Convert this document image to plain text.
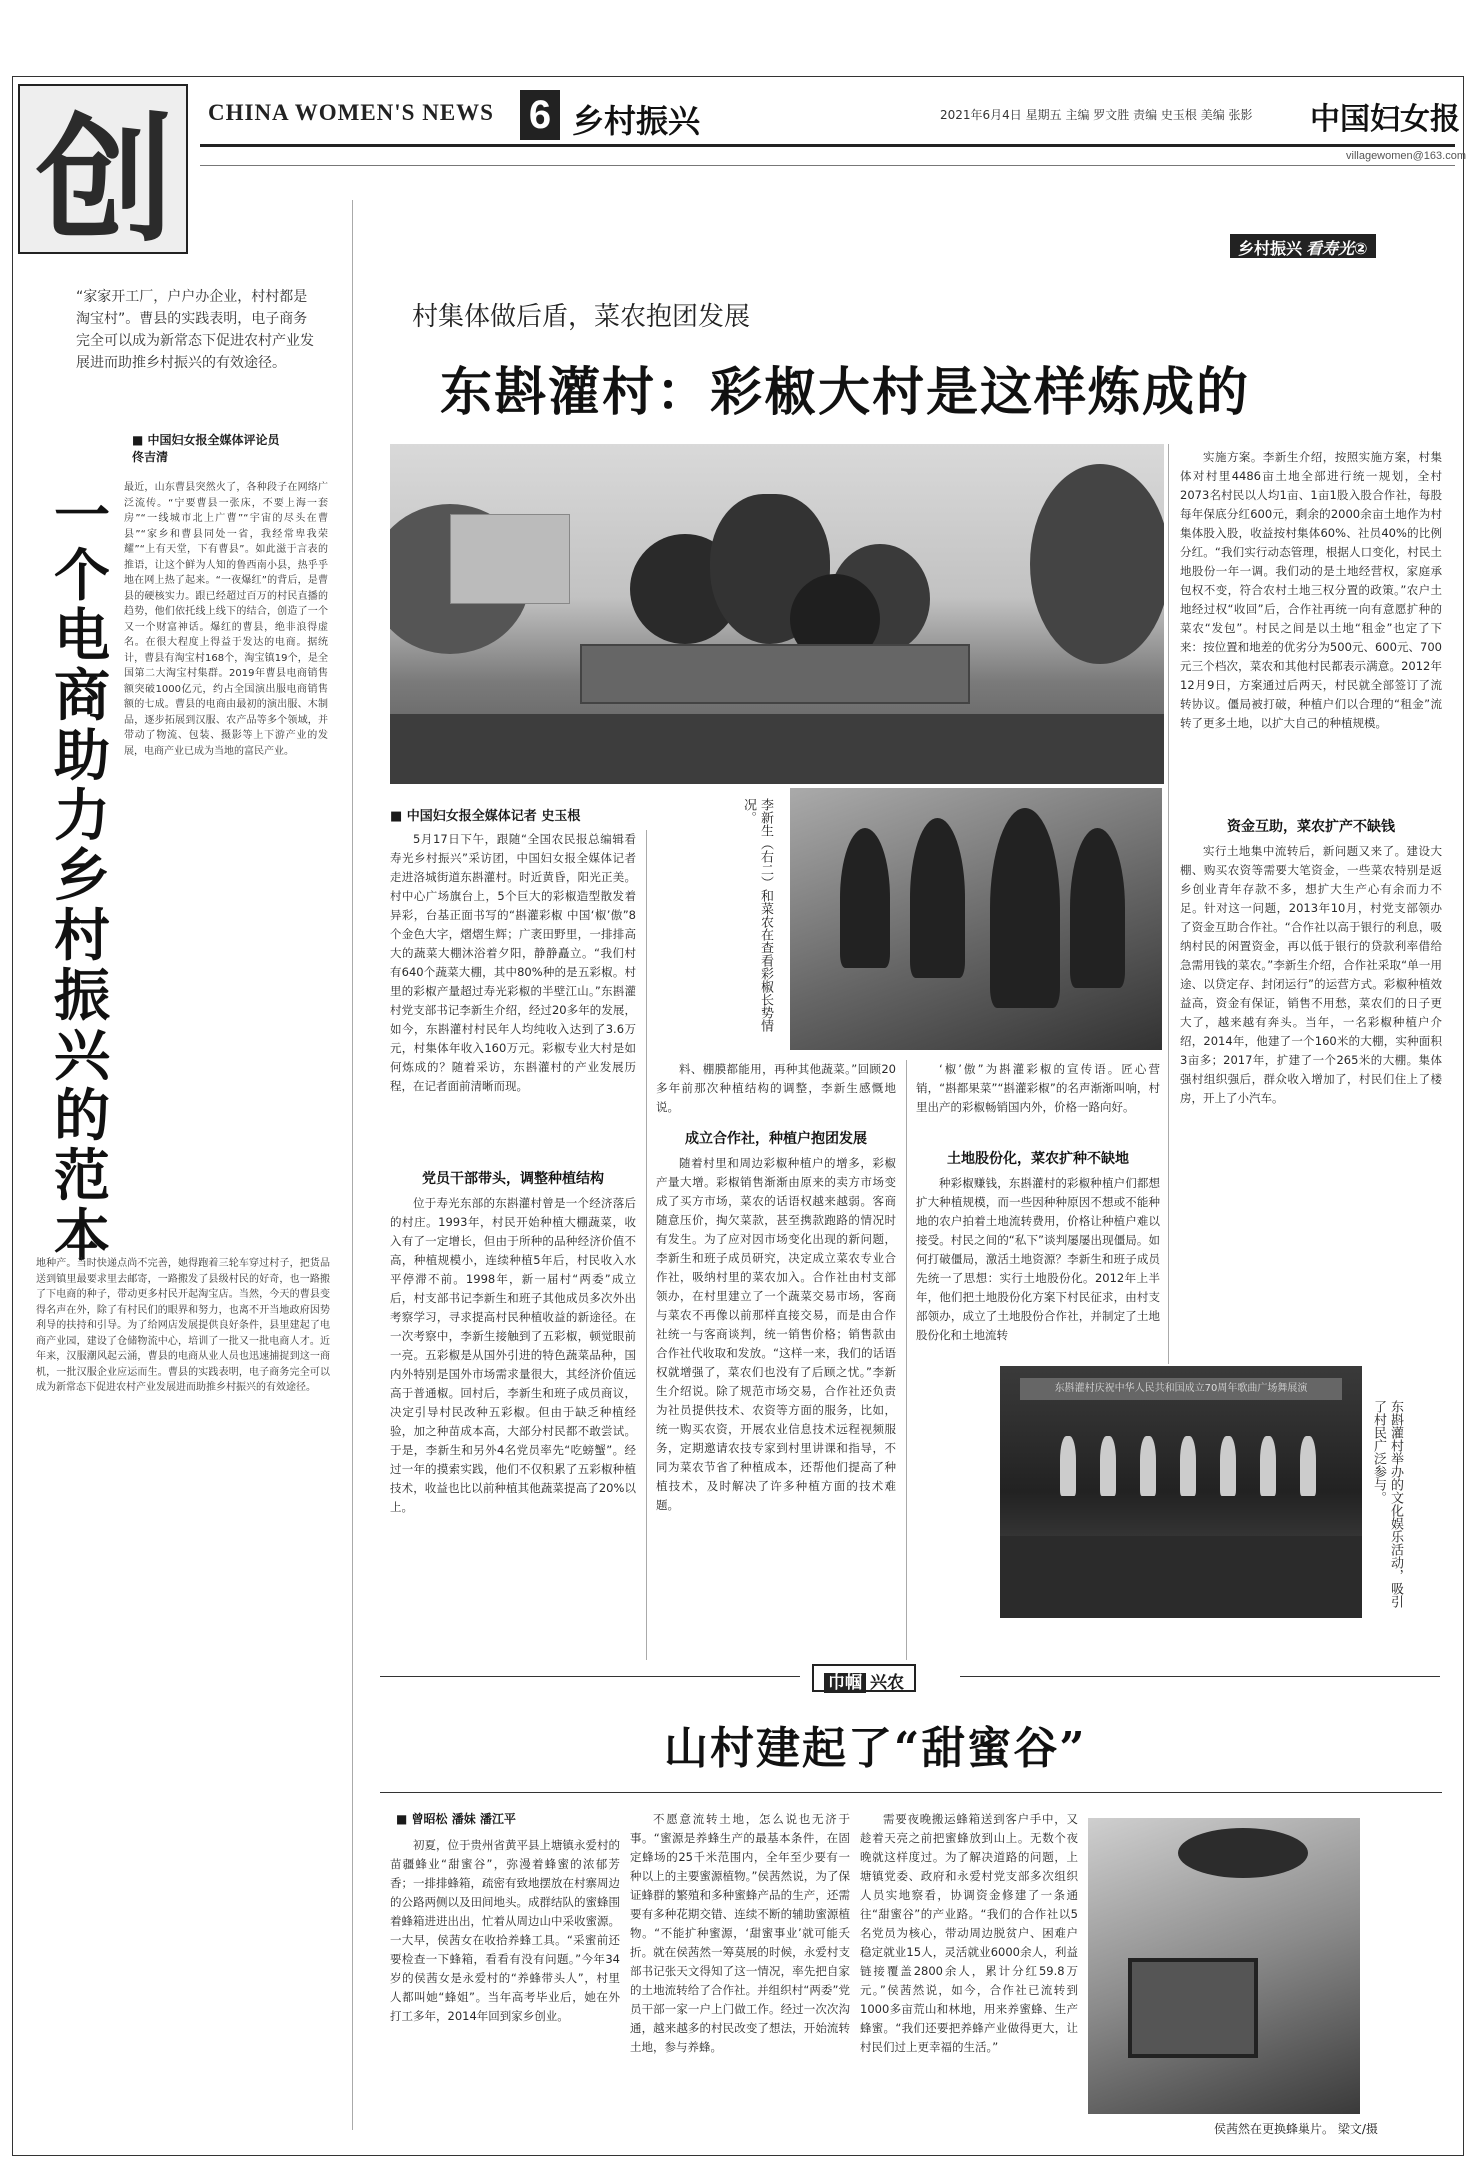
创	CHINA WOMEN'S NEWS 6 乡村振兴	2021年6月4日 星期五 主编 罗文胜 责编 史玉根 美编 张影 中国妇女报
villagewomen@163.com
“家家开工厂，户户办企业，村村都是淘宝村”。曹县的实践表明，电子商务完全可以成为新常态下促进农村产业发展进而助推乡村振兴的有效途径。
■ 中国妇女报全媒体评论员
佟吉清
一个电商助力乡村振兴的范本
最近，山东曹县突然火了，各种段子在网络广泛流传。“宁要曹县一张床，不要上海一套房”“一线城市北上广曹”“宇宙的尽头在曹县”“家乡和曹县同处一省，我经常卑我荣耀”“上有天堂，下有曹县”。如此滋于言表的推语，让这个鲜为人知的鲁西南小县，热乎乎地在网上热了起来。“一夜爆红”的背后，是曹县的硬核实力。跟已经超过百万的村民直播的趋势，他们依托线上线下的结合，创造了一个又一个财富神话。爆红的曹县，绝非浪得虚名。在很大程度上得益于发达的电商。据统计，曹县有淘宝村168个，淘宝镇19个，是全国第二大淘宝村集群。2019年曹县电商销售额突破1000亿元，约占全国演出服电商销售额的七成。曹县的电商由最初的演出服、木制品，逐步拓展到汉服、农产品等多个领域，并带动了物流、包装、摄影等上下游产业的发展，电商产业已成为当地的富民产业。
地种产。当时快递点尚不完善，她得跑着三轮车穿过村子，把货品送到镇里最要求里去邮寄，一路搬发了县级村民的好奇，也一路搬了下电商的种子，带动更多村民开起淘宝店。当然，今天的曹县变得名声在外，除了有村民们的眼界和努力，也离不开当地政府因势利导的扶持和引导。为了给网店发展提供良好条件，县里建起了电商产业园，建设了仓储物流中心，培训了一批又一批电商人才。近年来，汉服潮风起云涌，曹县的电商从业人员也迅速捕捉到这一商机，一批汉服企业应运而生。曹县的实践表明，电子商务完全可以成为新常态下促进农村产业发展进而助推乡村振兴的有效途径。
乡村振兴 看寿光②
村集体做后盾，菜农抱团发展
东斟灌村：彩椒大村是这样炼成的
■ 中国妇女报全媒体记者 史玉根

5月17日下午，跟随“全国农民报总编辑看寿光乡村振兴”采访团，中国妇女报全媒体记者走进洛城街道东斟灌村。时近黄昏，阳光正美。村中心广场旗台上，5个巨大的彩椒造型散发着异彩，台基正面书写的“斟灌彩椒 中国‘椒’傲”8个金色大字，熠熠生辉；广袤田野里，一排排高大的蔬菜大棚沐浴着夕阳，静静矗立。“我们村有640个蔬菜大棚，其中80%种的是五彩椒。村里的彩椒产量超过寿光彩椒的半壁江山。”东斟灌村党支部书记李新生介绍，经过20多年的发展，如今，东斟灌村村民年人均纯收入达到了3.6万元，村集体年收入160万元。彩椒专业大村是如何炼成的？随着采访，东斟灌村的产业发展历程，在记者面前清晰而现。

党员干部带头，调整种植结构

位于寿光东部的东斟灌村曾是一个经济落后的村庄。1993年，村民开始种植大棚蔬菜，收入有了一定增长，但由于所种的品种经济价值不高，种植规模小，连续种植5年后，村民收入水平停滞不前。1998年，新一届村“两委”成立后，村支部书记李新生和班子其他成员多次外出考察学习，寻求提高村民种植收益的新途径。在一次考察中，李新生接触到了五彩椒，顿觉眼前一亮。五彩椒是从国外引进的特色蔬菜品种，国内外特别是国外市场需求量很大，其经济价值远高于普通椒。回村后，李新生和班子成员商议，决定引导村民改种五彩椒。但由于缺乏种植经验，加之种苗成本高，大部分村民都不敢尝试。于是，李新生和另外4名党员率先“吃螃蟹”。经过一年的摸索实践，他们不仅积累了五彩椒种植技术，收益也比以前种植其他蔬菜提高了20%以上。

李新生（右二）和菜农在查看彩椒长势情况。

料、棚膜都能用，再种其他蔬菜。”回顾20多年前那次种植结构的调整，李新生感慨地说。

成立合作社，种植户抱团发展

随着村里和周边彩椒种植户的增多，彩椒产量大增。彩椒销售渐渐由原来的卖方市场变成了买方市场，菜农的话语权越来越弱。客商随意压价，掏欠菜款，甚至携款跑路的情况时有发生。为了应对因市场变化出现的新问题，李新生和班子成员研究，决定成立菜农专业合作社，吸纳村里的菜农加入。合作社由村支部领办，在村里建立了一个蔬菜交易市场，客商与菜农不再像以前那样直接交易，而是由合作社统一与客商谈判，统一销售价格；销售款由合作社代收取和发放。“这样一来，我们的话语权就增强了，菜农们也没有了后顾之忧。”李新生介绍说。除了规范市场交易，合作社还负责为社员提供技术、农资等方面的服务，比如，统一购买农资，开展农业信息技术远程视频服务，定期邀请农技专家到村里讲课和指导，不同为菜农节省了种植成本，还帮他们提高了种植技术，及时解决了许多种植方面的技术难题。

‘椒’傲”为斟灌彩椒的宣传语。匠心营销，“斟都果菜”“斟灌彩椒”的名声渐渐叫响，村里出产的彩椒畅销国内外，价格一路向好。

土地股份化，菜农扩种不缺地

种彩椒赚钱，东斟灌村的彩椒种植户们都想扩大种植规模，而一些因种种原因不想或不能种地的农户拍着土地流转费用，价格让种植户难以接受。村民之间的“私下”谈判屡屡出现僵局。如何打破僵局，激活土地资源？李新生和班子成员先统一了思想：实行土地股份化。2012年上半年，他们把土地股份化方案下村民征求，由村支部领办，成立了土地股份合作社，并制定了土地股份化和土地流转

东斟灌村庆祝中华人民共和国成立70周年歌曲广场舞展演
东斟灌村举办的文化娱乐活动，吸引了村民广泛参与。

实施方案。李新生介绍，按照实施方案，村集体对村里4486亩土地全部进行统一规划，全村2073名村民以人均1亩、1亩1股入股合作社，每股每年保底分红600元，剩余的2000余亩土地作为村集体股入股，收益按村集体60%、社员40%的比例分红。“我们实行动态管理，根据人口变化，村民土地股份一年一调。我们动的是土地经营权，家庭承包权不变，符合农村土地三权分置的政策。”农户土地经过权“收回”后，合作社再统一向有意愿扩种的菜农“发包”。村民之间是以土地“租金”也定了下来：按位置和地差的优劣分为500元、600元、700元三个档次，菜农和其他村民都表示满意。2012年12月9日，方案通过后两天，村民就全部签订了流转协议。僵局被打破，种植户们以合理的“租金”流转了更多土地，以扩大自己的种植规模。

资金互助，菜农扩产不缺钱

实行土地集中流转后，新问题又来了。建设大棚、购买农资等需要大笔资金，一些菜农特别是返乡创业青年存款不多，想扩大生产心有余而力不足。针对这一问题，2013年10月，村党支部领办了资金互助合作社。“合作社以高于银行的利息，吸纳村民的闲置资金，再以低于银行的贷款利率借给急需用钱的菜农。”李新生介绍，合作社采取“单一用途、以贷定存、封闭运行”的运营方式。彩椒种植效益高，资金有保证，销售不用愁，菜农们的日子更大了，越来越有奔头。当年，一名彩椒种植户介绍，2014年，他建了一个160米的大棚，实种面积3亩多；2017年，扩建了一个265米的大棚。集体强村组织强后，群众收入增加了，村民们住上了楼房，开上了小汽车。

巾帼 兴农
山村建起了“甜蜜谷”
■ 曾昭松 潘妹 潘江平

初夏，位于贵州省黄平县上塘镇永爱村的苗疆蜂业“甜蜜谷”，弥漫着蜂蜜的浓郁芳香；一排排蜂箱，疏密有致地摆放在村寨周边的公路两侧以及田间地头。成群结队的蜜蜂围着蜂箱进进出出，忙着从周边山中采收蜜源。一大早，侯茜女在收拾养蜂工具。“采蜜前还要检查一下蜂箱，看看有没有问题。”今年34岁的侯茜女是永爱村的“养蜂带头人”，村里人都叫她“蜂姐”。当年高考毕业后，她在外打工多年，2014年回到家乡创业。

不愿意流转土地，怎么说也无济于事。“蜜源是养蜂生产的最基本条件，在固定蜂场的25千米范围内，全年至少要有一种以上的主要蜜源植物。”侯茜然说，为了保证蜂群的繁殖和多种蜜蜂产品的生产，还需要有多种花期交错、连续不断的辅助蜜源植物。“不能扩种蜜源，‘甜蜜事业’就可能夭折。就在侯茜然一筹莫展的时候，永爱村支部书记张天文得知了这一情况，率先把自家的土地流转给了合作社。并组织村“两委”党员干部一家一户上门做工作。经过一次次沟通，越来越多的村民改变了想法，开始流转土地，参与养蜂。

需要夜晚搬运蜂箱送到客户手中，又趁着天亮之前把蜜蜂放到山上。无数个夜晚就这样度过。为了解决道路的问题，上塘镇党委、政府和永爱村党支部多次组织人员实地察看，协调资金修建了一条通往“甜蜜谷”的产业路。“我们的合作社以5名党员为核心，带动周边脱贫户、困难户稳定就业15人，灵活就业6000余人，利益链接覆盖2800余人，累计分红59.8万元。”侯茜然说，如今，合作社已流转到1000多亩荒山和林地，用来养蜜蜂、生产蜂蜜。“我们还要把养蜂产业做得更大，让村民们过上更幸福的生活。”

侯茜然在更换蜂巢片。 梁文/摄
